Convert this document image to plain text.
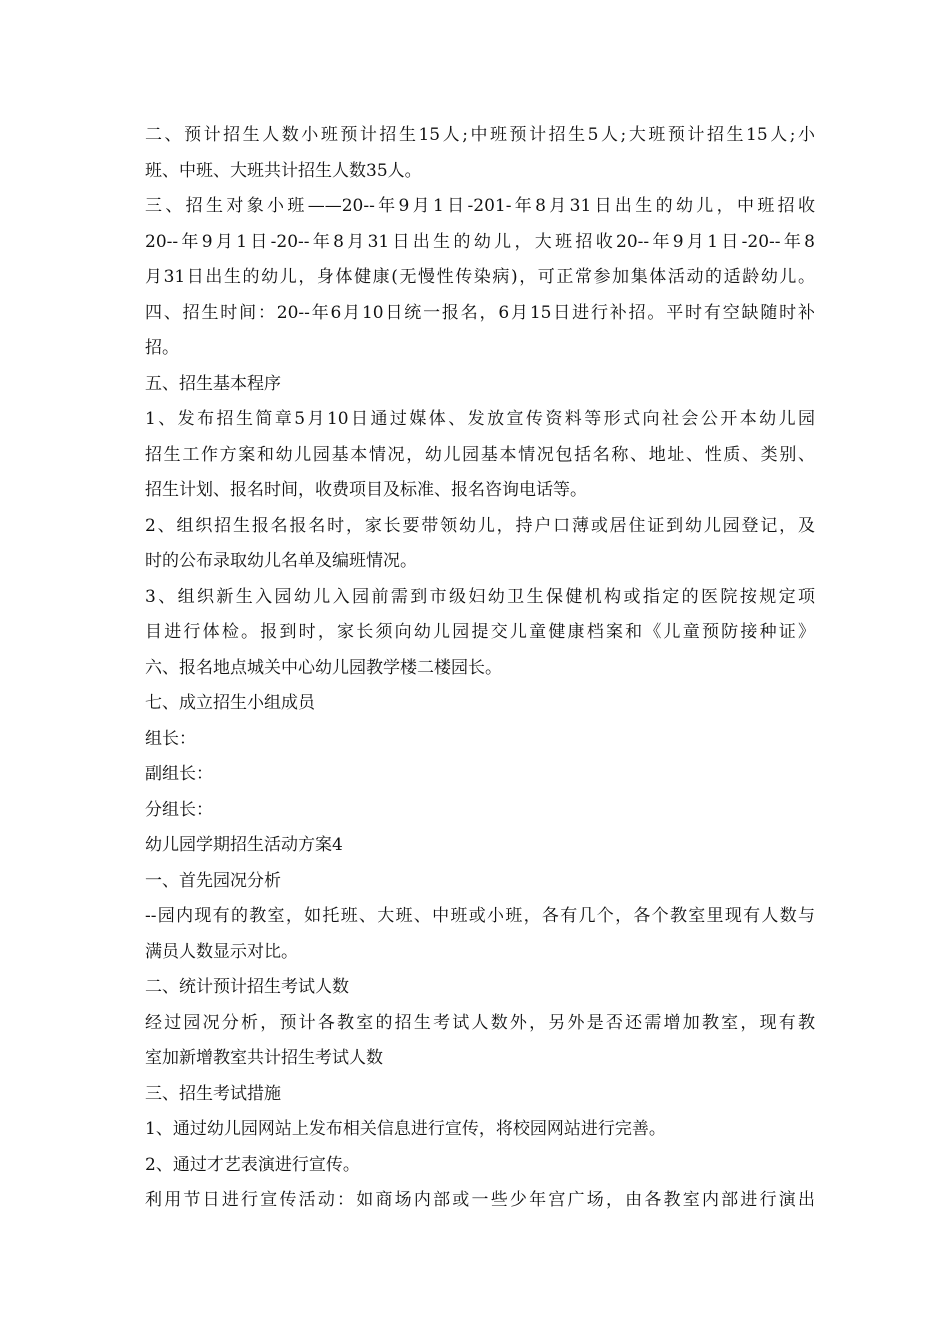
二、预计招生人数小班预计招生15人;中班预计招生5人;大班预计招生15人;小
班、中班、大班共计招生人数35人。
三、招生对象小班——20--年9月1日-201-年8月31日出生的幼儿，中班招收
20--年9月1日-20--年8月31日出生的幼儿，大班招收20--年9月1日-20--年8
月31日出生的幼儿，身体健康(无慢性传染病)，可正常参加集体活动的适龄幼儿。
四、招生时间：20--年6月10日统一报名，6月15日进行补招。平时有空缺随时补
招。
五、招生基本程序
1、发布招生简章5月10日通过媒体、发放宣传资料等形式向社会公开本幼儿园
招生工作方案和幼儿园基本情况，幼儿园基本情况包括名称、地址、性质、类别、
招生计划、报名时间，收费项目及标准、报名咨询电话等。
2、组织招生报名报名时，家长要带领幼儿，持户口薄或居住证到幼儿园登记，及
时的公布录取幼儿名单及编班情况。
3、组织新生入园幼儿入园前需到市级妇幼卫生保健机构或指定的医院按规定项
目进行体检。报到时，家长须向幼儿园提交儿童健康档案和《儿童预防接种证》
六、报名地点城关中心幼儿园教学楼二楼园长。
七、成立招生小组成员
组长：
副组长：
分组长：
幼儿园学期招生活动方案4
一、首先园况分析
--园内现有的教室，如托班、大班、中班或小班，各有几个，各个教室里现有人数与
满员人数显示对比。
二、统计预计招生考试人数
经过园况分析，预计各教室的招生考试人数外，另外是否还需增加教室，现有教
室加新增教室共计招生考试人数
三、招生考试措施
1、通过幼儿园网站上发布相关信息进行宣传，将校园网站进行完善。
2、通过才艺表演进行宣传。
利用节日进行宣传活动：如商场内部或一些少年宫广场，由各教室内部进行演出
